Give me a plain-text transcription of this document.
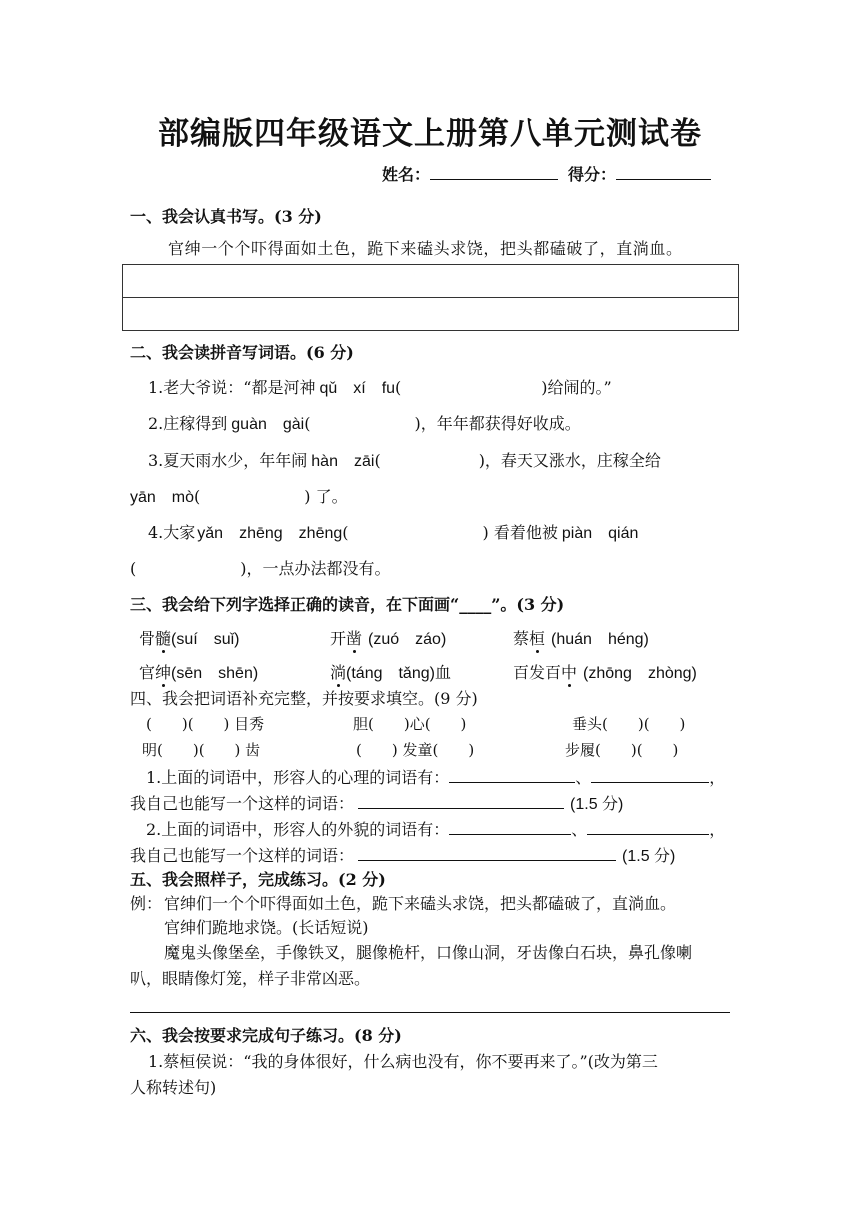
部编版四年级语文上册第八单元测试卷
姓名：	得分：
一、我会认真书写。(3 分)
官绅一个个吓得面如土色，跪下来磕头求饶，把头都磕破了，直淌血。
二、我会读拼音写词语。(6 分)
1.老大爷说：“都是河神 qǔ　xí　fu(	)给闹的。”
2.庄稼得到 guàn　gài(	)，年年都获得好收成。
3.夏天雨水少，年年闹 hàn　zāi(	)，春天又涨水，庄稼全给
yān　mò(	) 了。
4.大家 yǎn　zhēng　zhēng(	) 看着他被 piàn　qián
(	)，一点办法都没有。
三、我会给下列字选择正确的读音，在下面画“____”。(3 分)
骨髓(suí　suǐ)	开凿 (zuó　záo)	蔡桓 (huán　héng)
官绅(sēn　shēn)	淌(táng　tǎng)血	百发百中 (zhōng　zhòng)
四、我会把词语补充完整，并按要求填空。(9 分)
(　　)(　　) 目秀	胆(　　)心(　　)	垂头(　　)(　　)
明(　　)(　　) 齿	(　　) 发童(　　)	步履(　　)(　　)
1.上面的词语中，形容人的心理的词语有：	、	，
我自己也能写一个这样的词语：	(1.5 分)
2.上面的词语中，形容人的外貌的词语有：	、	，
我自己也能写一个这样的词语：	(1.5 分)
五、我会照样子，完成练习。(2 分)
例： 官绅们一个个吓得面如土色，跪下来磕头求饶，把头都磕破了，直淌血。
官绅们跪地求饶。(长话短说)
魔鬼头像堡垒，手像铁叉，腿像桅杆，口像山洞，牙齿像白石块，鼻孔像喇
叭，眼睛像灯笼，样子非常凶恶。
六、我会按要求完成句子练习。(8 分)
1.蔡桓侯说：“我的身体很好，什么病也没有，你不要再来了。”(改为第三
人称转述句)
